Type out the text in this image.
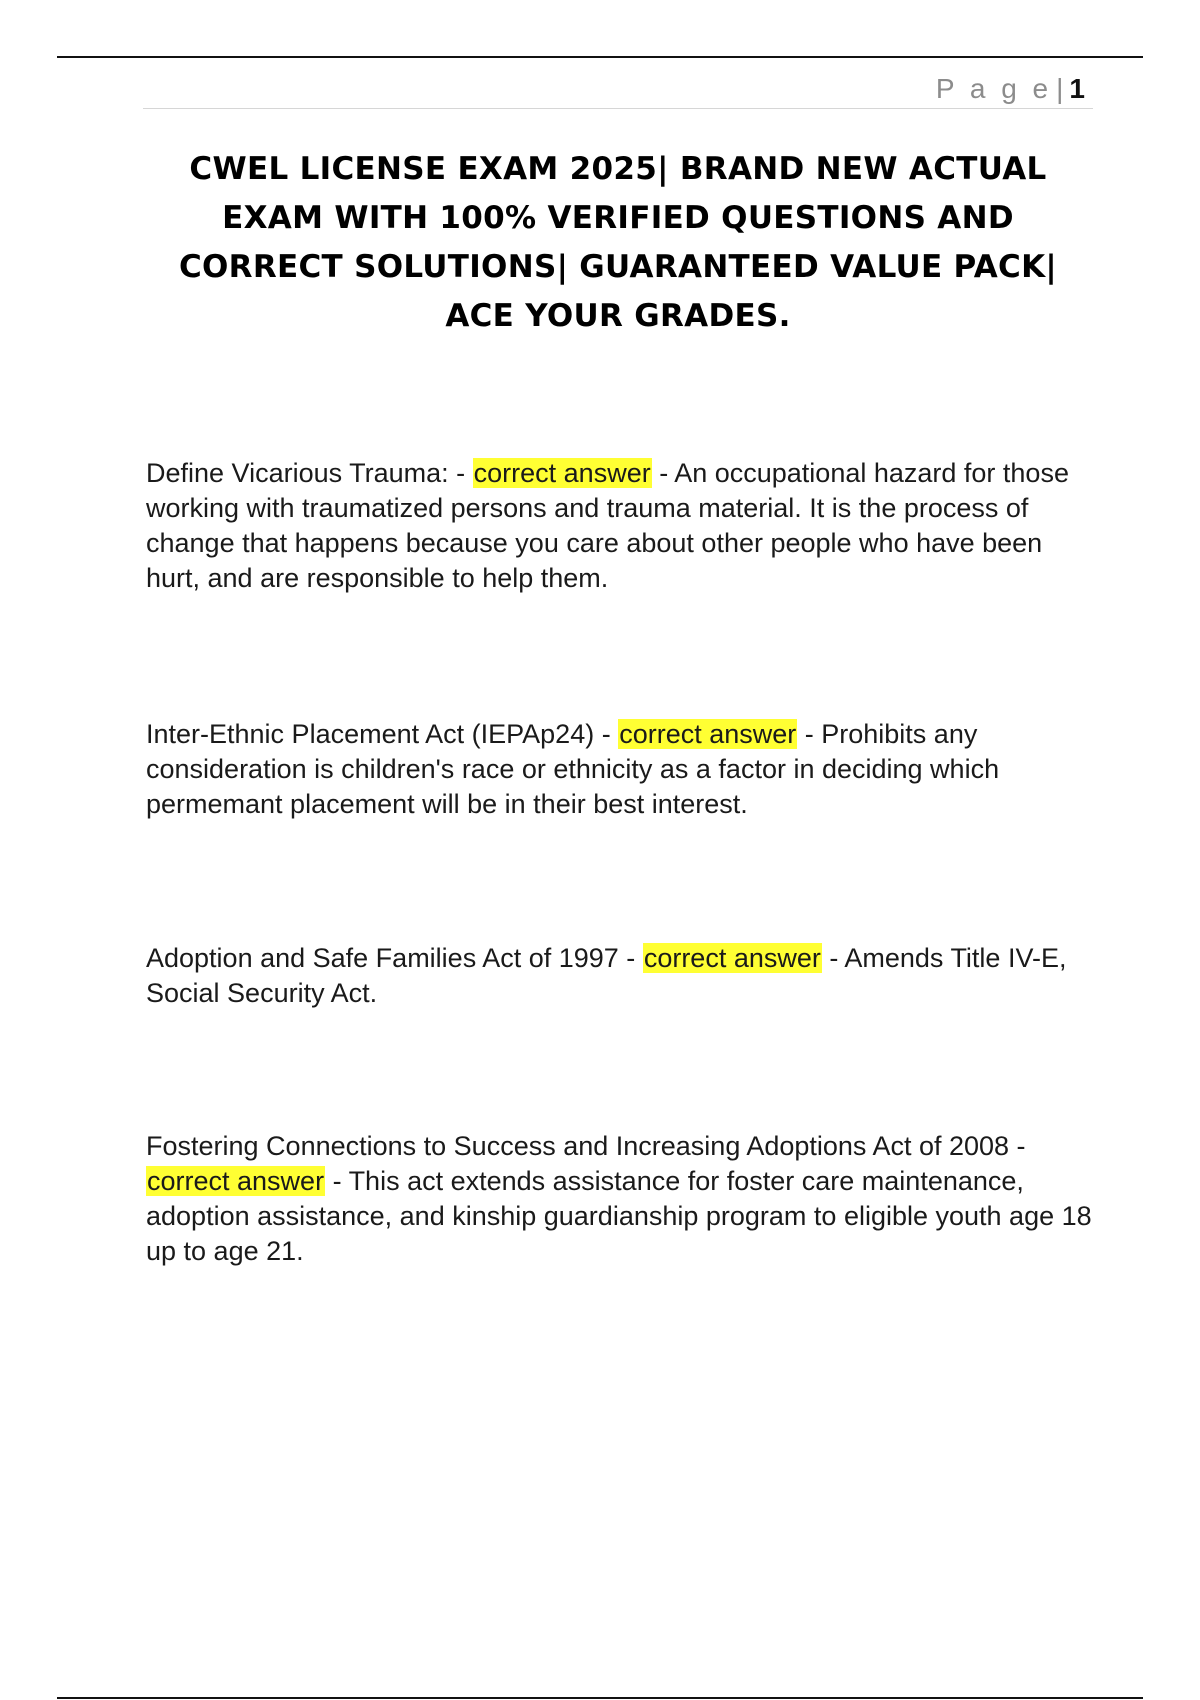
P a g e | 1
CWEL LICENSE EXAM 2025| BRAND NEW ACTUAL EXAM WITH 100% VERIFIED QUESTIONS AND CORRECT SOLUTIONS| GUARANTEED VALUE PACK| ACE YOUR GRADES.

Define Vicarious Trauma: - correct answer - An occupational hazard for those working with traumatized persons and trauma material. It is the process of change that happens because you care about other people who have been hurt, and are responsible to help them.

Inter-Ethnic Placement Act (IEPAp24) - correct answer - Prohibits any consideration is children's race or ethnicity as a factor in deciding which permemant placement will be in their best interest.

Adoption and Safe Families Act of 1997 - correct answer - Amends Title IV-E, Social Security Act.

Fostering Connections to Success and Increasing Adoptions Act of 2008 - correct answer - This act extends assistance for foster care maintenance, adoption assistance, and kinship guardianship program to eligible youth age 18 up to age 21.
